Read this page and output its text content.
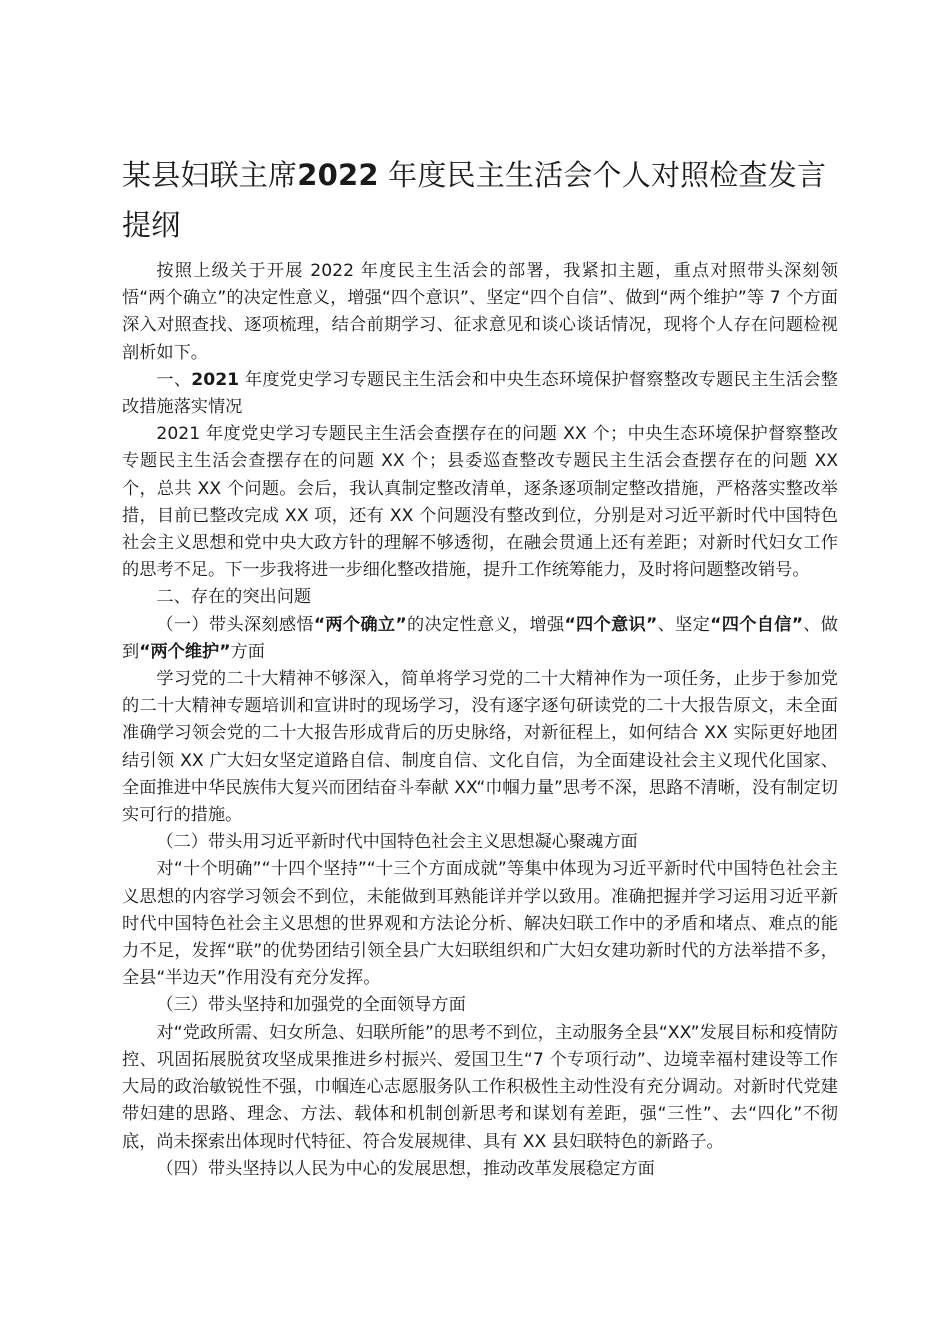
某县妇联主席2022 年度民主生活会个人对照检查发言提纲

按照上级关于开展 2022 年度民主生活会的部署，我紧扣主题，重点对照带头深刻领悟“两个确立”的决定性意义，增强“四个意识”、坚定“四个自信”、做到“两个维护”等 7 个方面深入对照查找、逐项梳理，结合前期学习、征求意见和谈心谈话情况，现将个人存在问题检视剖析如下。

一、2021 年度党史学习专题民主生活会和中央生态环境保护督察整改专题民主生活会整改措施落实情况

2021 年度党史学习专题民主生活会查摆存在的问题 XX 个；中央生态环境保护督察整改专题民主生活会查摆存在的问题 XX 个；县委巡查整改专题民主生活会查摆存在的问题 XX 个，总共 XX 个问题。会后，我认真制定整改清单，逐条逐项制定整改措施，严格落实整改举措，目前已整改完成 XX 项，还有 XX 个问题没有整改到位，分别是对习近平新时代中国特色社会主义思想和党中央大政方针的理解不够透彻，在融会贯通上还有差距；对新时代妇女工作的思考不足。下一步我将进一步细化整改措施，提升工作统筹能力，及时将问题整改销号。

二、存在的突出问题

（一）带头深刻感悟“两个确立”的决定性意义，增强“四个意识”、坚定“四个自信”、做到“两个维护”方面

学习党的二十大精神不够深入，简单将学习党的二十大精神作为一项任务，止步于参加党的二十大精神专题培训和宣讲时的现场学习，没有逐字逐句研读党的二十大报告原文，未全面准确学习领会党的二十大报告形成背后的历史脉络，对新征程上，如何结合 XX 实际更好地团结引领 XX 广大妇女坚定道路自信、制度自信、文化自信，为全面建设社会主义现代化国家、全面推进中华民族伟大复兴而团结奋斗奉献 XX“巾帼力量”思考不深，思路不清晰，没有制定切实可行的措施。

（二）带头用习近平新时代中国特色社会主义思想凝心聚魂方面

对“十个明确”“十四个坚持”“十三个方面成就”等集中体现为习近平新时代中国特色社会主义思想的内容学习领会不到位，未能做到耳熟能详并学以致用。准确把握并学习运用习近平新时代中国特色社会主义思想的世界观和方法论分析、解决妇联工作中的矛盾和堵点、难点的能力不足，发挥“联”的优势团结引领全县广大妇联组织和广大妇女建功新时代的方法举措不多，全县“半边天”作用没有充分发挥。

（三）带头坚持和加强党的全面领导方面

对“党政所需、妇女所急、妇联所能”的思考不到位，主动服务全县“XX”发展目标和疫情防控、巩固拓展脱贫攻坚成果推进乡村振兴、爱国卫生“7 个专项行动”、边境幸福村建设等工作大局的政治敏锐性不强，巾帼连心志愿服务队工作积极性主动性没有充分调动。对新时代党建带妇建的思路、理念、方法、载体和机制创新思考和谋划有差距，强“三性”、去“四化”不彻底，尚未探索出体现时代特征、符合发展规律、具有 XX 县妇联特色的新路子。

（四）带头坚持以人民为中心的发展思想，推动改革发展稳定方面
